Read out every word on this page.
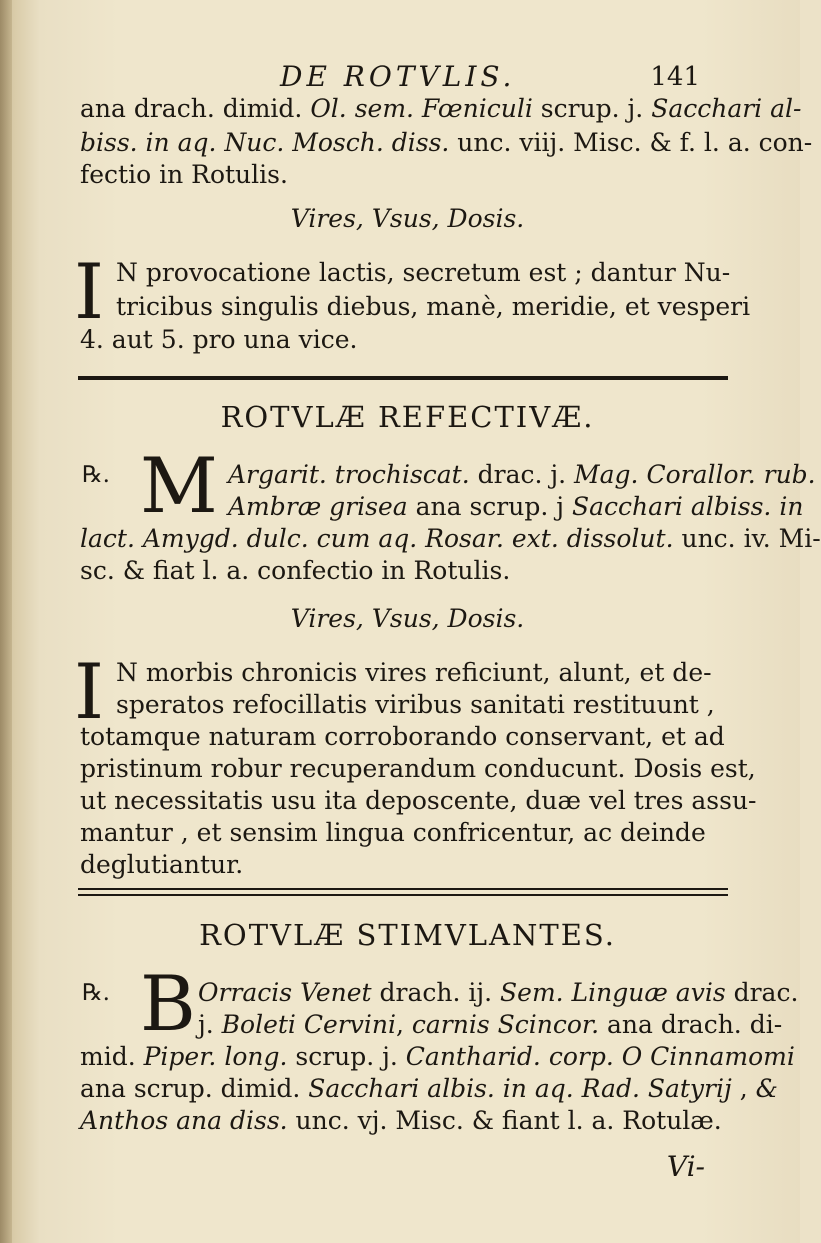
DE ROTVLIS.	141
ana drach. dimid. Ol. sem. Fœniculi scrup. j. Sacchari al-
biss. in aq. Nuc. Mosch. diss. unc. viij. Misc. & f. l. a. con-
fectio in Rotulis.
Vires, Vsus, Dosis.
I N provocatione lactis, secretum est ; dantur Nu-
tricibus singulis diebus, manè, meridie, et vesperi
4. aut 5. pro una vice.
ROTVLÆ REFECTIVÆ.
℞. M Argarit. trochiscat. drac. j. Mag. Corallor. rub.
Ambræ grisea ana scrup. j Sacchari albiss. in
lact. Amygd. dulc. cum aq. Rosar. ext. dissolut. unc. iv. Mi-
sc. & fiat l. a. confectio in Rotulis.
Vires, Vsus, Dosis.
I N morbis chronicis vires reficiunt, alunt, et de-
speratos refocillatis viribus sanitati restituunt ,
totamque naturam corroborando conservant, et ad
pristinum robur recuperandum conducunt. Dosis est,
ut necessitatis usu ita deposcente, duæ vel tres assu-
mantur , et sensim lingua confricentur, ac deinde
deglutiantur.
ROTVLÆ STIMVLANTES.
℞. B Orracis Venet drach. ij. Sem. Linguæ avis drac.
j. Boleti Cervini, carnis Scincor. ana drach. di-
mid. Piper. long. scrup. j. Cantharid. corp. O Cinnamomi
ana scrup. dimid. Sacchari albis. in aq. Rad. Satyrij , &
Anthos ana diss. unc. vj. Misc. & fiant l. a. Rotulæ.
Vi-
